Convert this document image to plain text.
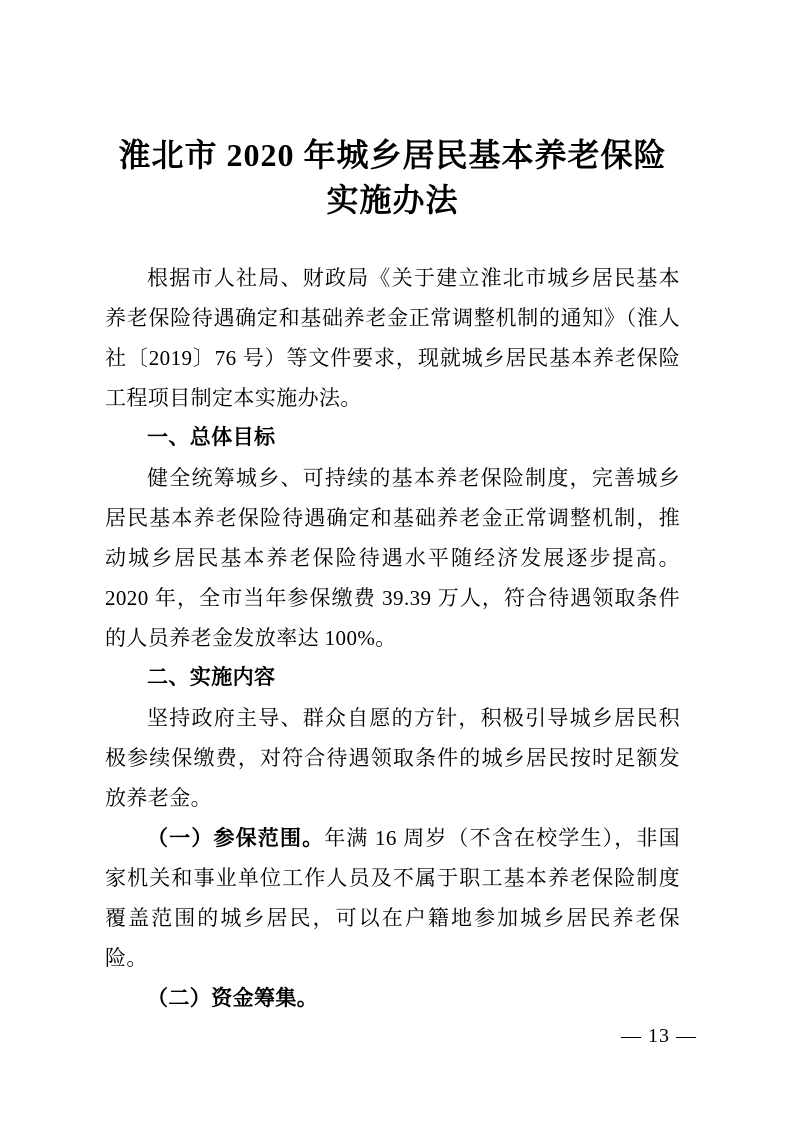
淮北市 2020 年城乡居民基本养老保险
实施办法

根据市人社局、财政局《关于建立淮北市城乡居民基本养老保险待遇确定和基础养老金正常调整机制的通知》（淮人社〔2019〕76 号）等文件要求，现就城乡居民基本养老保险工程项目制定本实施办法。

一、总体目标

健全统筹城乡、可持续的基本养老保险制度，完善城乡居民基本养老保险待遇确定和基础养老金正常调整机制，推动城乡居民基本养老保险待遇水平随经济发展逐步提高。2020 年，全市当年参保缴费 39.39 万人，符合待遇领取条件的人员养老金发放率达 100%。

二、实施内容

坚持政府主导、群众自愿的方针，积极引导城乡居民积极参续保缴费，对符合待遇领取条件的城乡居民按时足额发放养老金。

（一）参保范围。年满 16 周岁（不含在校学生），非国家机关和事业单位工作人员及不属于职工基本养老保险制度覆盖范围的城乡居民，可以在户籍地参加城乡居民养老保险。

（二）资金筹集。

— 13 —
